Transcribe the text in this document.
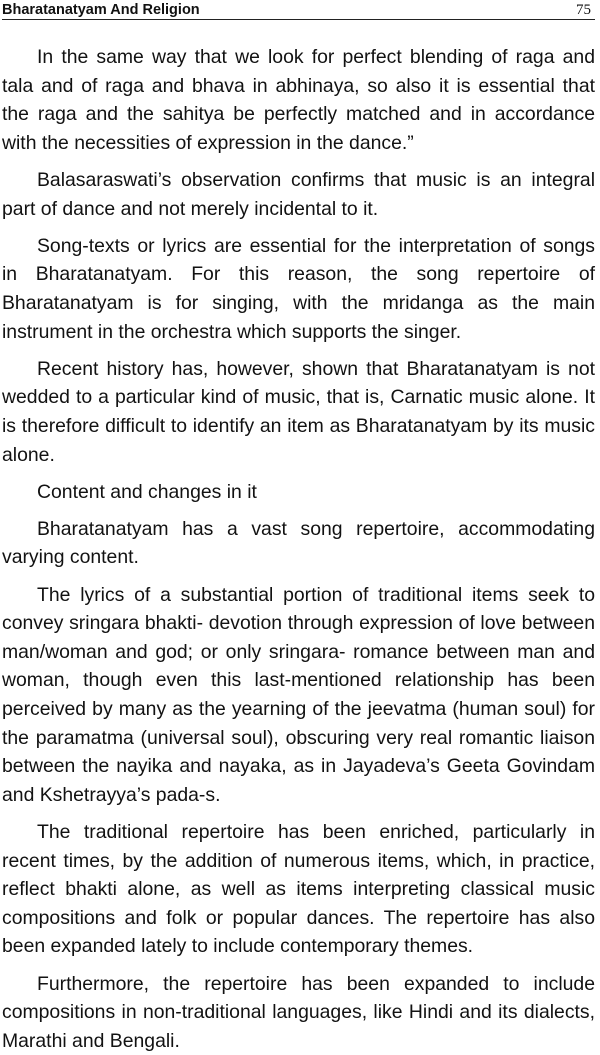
Bharatanatyam And Religion	75

In the same way that we look for perfect blending of raga and tala and of raga and bhava in abhinaya, so also it is essential that the raga and the sahitya be perfectly matched and in accordance with the necessities of expression in the dance.”

Balasaraswati’s observation confirms that music is an integral part of dance and not merely incidental to it.

Song-texts or lyrics are essential for the interpretation of songs in Bharatanatyam. For this reason, the song repertoire of Bharatanatyam is for singing, with the mridanga as the main instrument in the orchestra which supports the singer.

Recent history has, however, shown that Bharatanatyam is not wedded to a particular kind of music, that is, Carnatic music alone. It is therefore difficult to identify an item as Bharatanatyam by its music alone.

Content and changes in it

Bharatanatyam has a vast song repertoire, accommodating varying content.

The lyrics of a substantial portion of traditional items seek to convey sringara bhakti- devotion through expression of love between man/woman and god; or only sringara- romance between man and woman, though even this last-mentioned relationship has been perceived by many as the yearning of the jeevatma (human soul) for the paramatma (universal soul), obscuring very real romantic liaison between the nayika and nayaka, as in Jayadeva’s Geeta Govindam and Kshetrayya’s pada-s.

The traditional repertoire has been enriched, particularly in recent times, by the addition of numerous items, which, in practice, reflect bhakti alone, as well as items interpreting classical music compositions and folk or popular dances. The repertoire has also been expanded lately to include contemporary themes.

Furthermore, the repertoire has been expanded to include compositions in non-traditional languages, like Hindi and its dialects, Marathi and Bengali.
